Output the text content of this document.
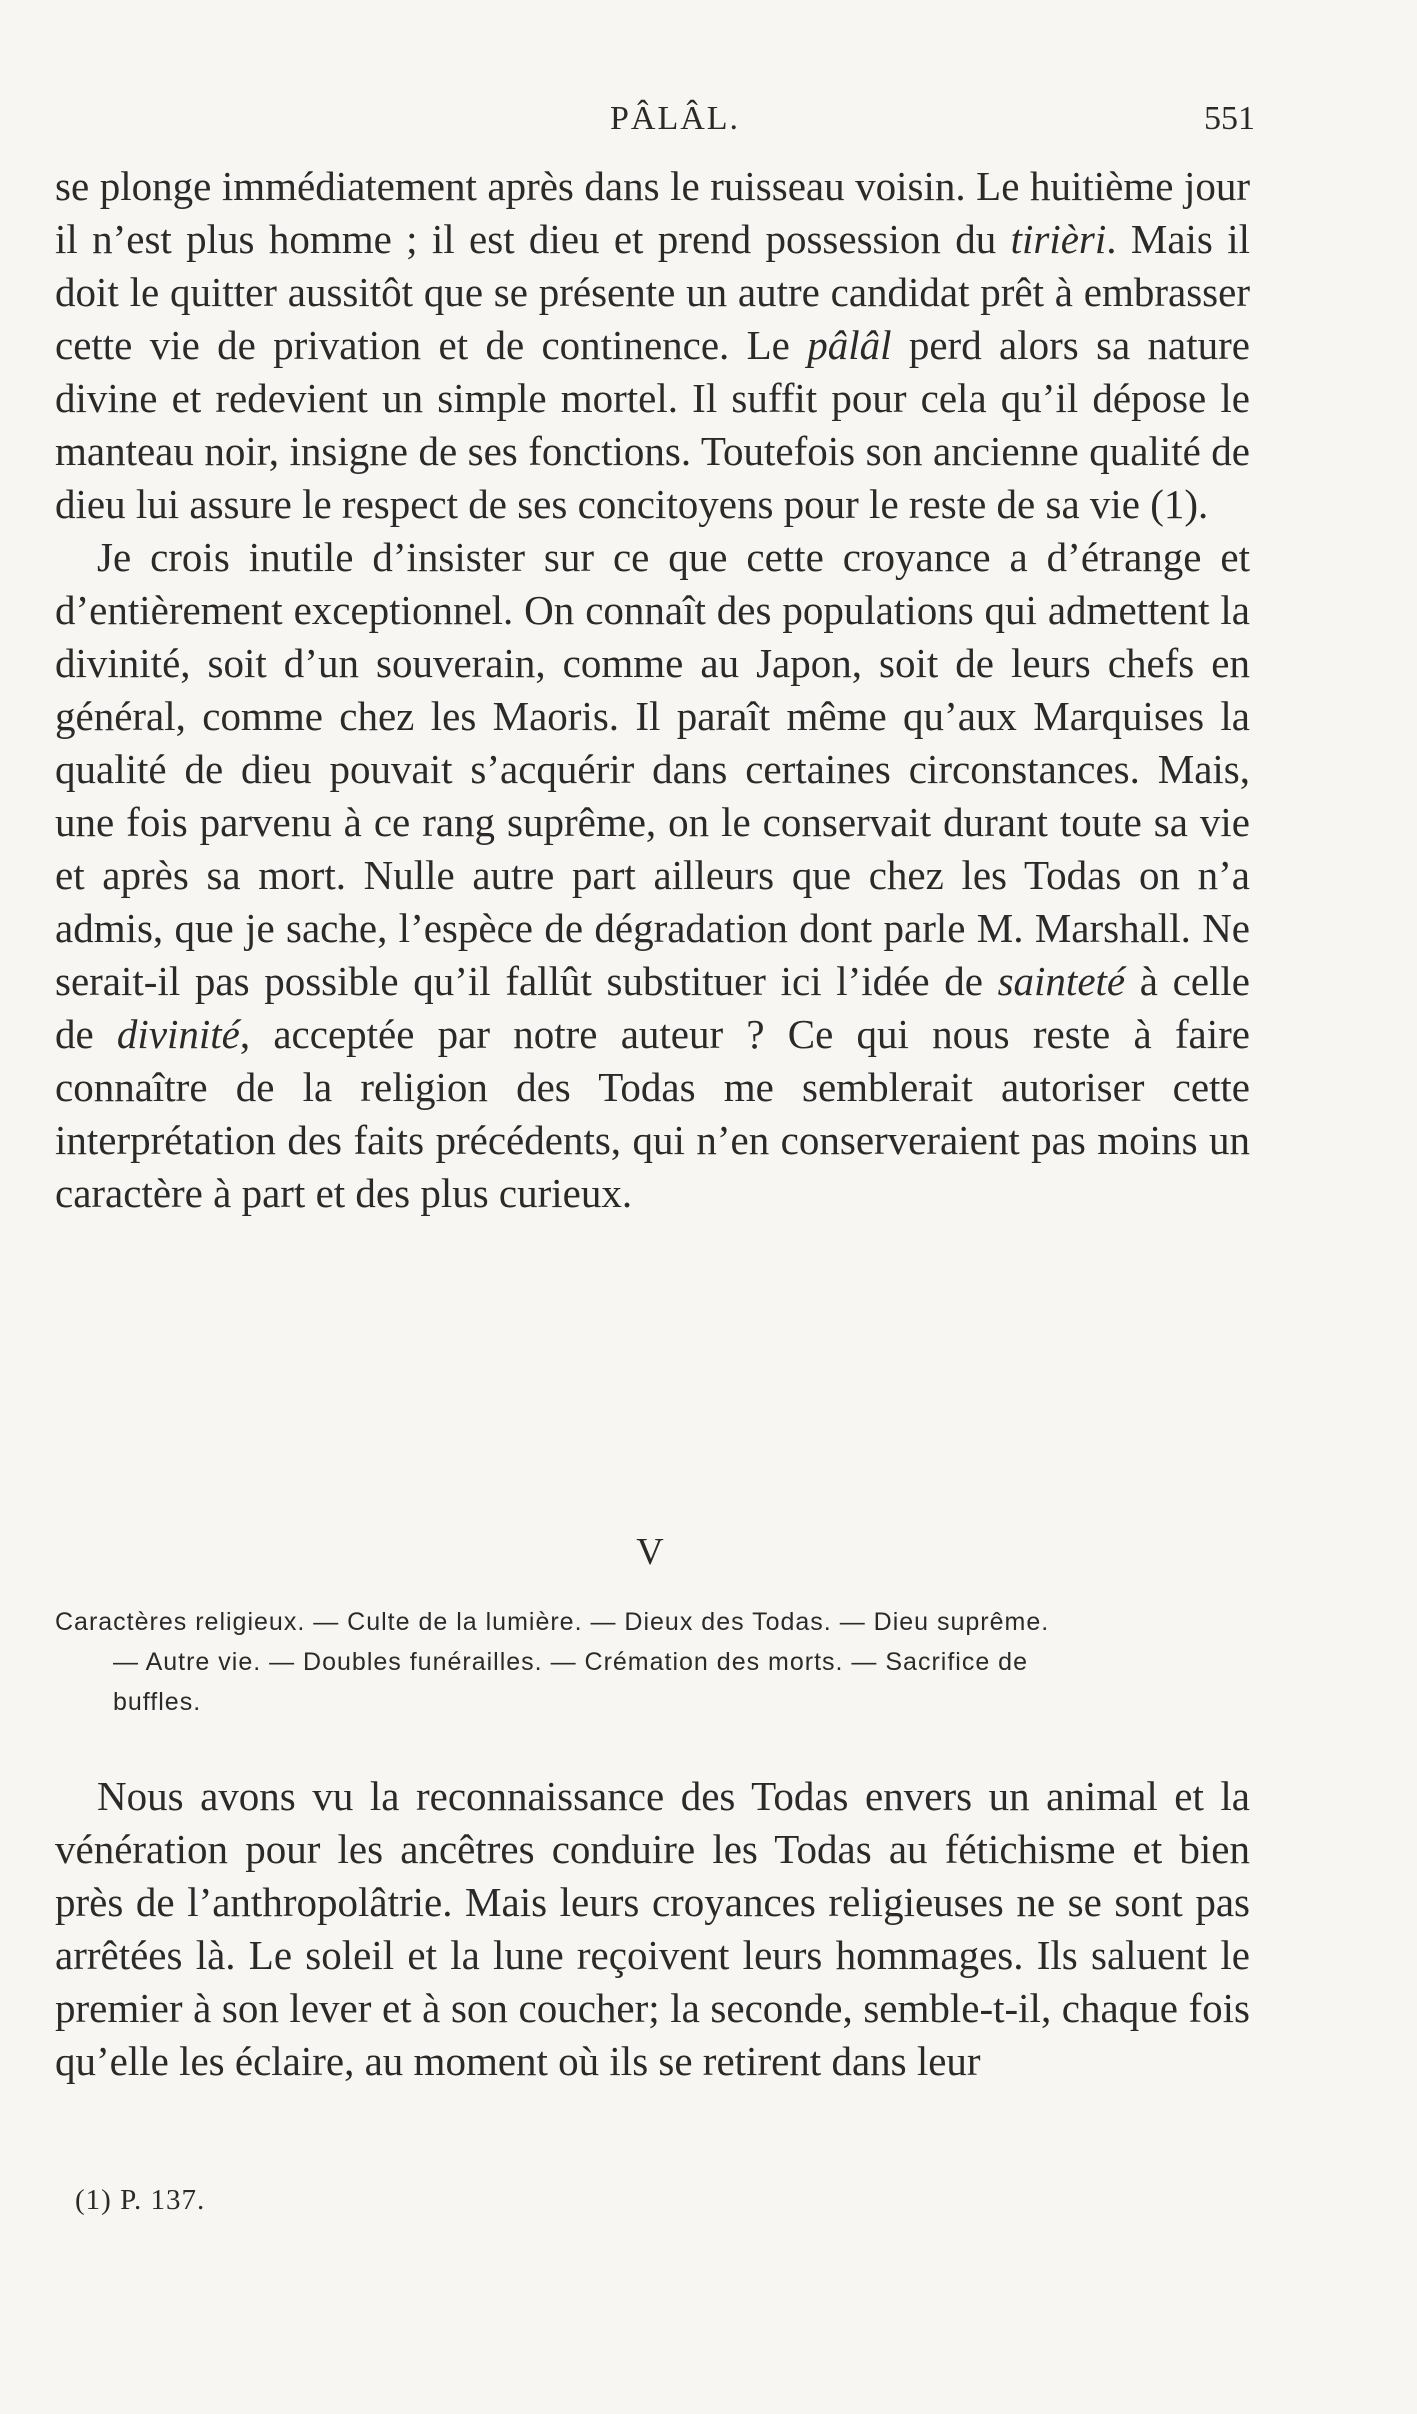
PÂLÂL.	551

se plonge immédiatement après dans le ruisseau voisin. Le huitième jour il n’est plus homme ; il est dieu et prend possession du tirièri. Mais il doit le quitter aussitôt que se présente un autre candidat prêt à embrasser cette vie de privation et de continence. Le pâlâl perd alors sa nature divine et redevient un simple mortel. Il suffit pour cela qu’il dépose le manteau noir, insigne de ses fonctions. Toutefois son ancienne qualité de dieu lui assure le respect de ses concitoyens pour le reste de sa vie (1).

Je crois inutile d’insister sur ce que cette croyance a d’étrange et d’entièrement exceptionnel. On connaît des populations qui admettent la divinité, soit d’un souverain, comme au Japon, soit de leurs chefs en général, comme chez les Maoris. Il paraît même qu’aux Marquises la qualité de dieu pouvait s’acquérir dans certaines circonstances. Mais, une fois parvenu à ce rang suprême, on le conservait durant toute sa vie et après sa mort. Nulle autre part ailleurs que chez les Todas on n’a admis, que je sache, l’espèce de dégradation dont parle M. Marshall. Ne serait-il pas possible qu’il fallût substituer ici l’idée de sainteté à celle de divinité, acceptée par notre auteur ? Ce qui nous reste à faire connaître de la religion des Todas me semblerait autoriser cette interprétation des faits précédents, qui n’en conserveraient pas moins un caractère à part et des plus curieux.

V
Caractères religieux. — Culte de la lumière. — Dieux des Todas. — Dieu suprême.
— Autre vie. — Doubles funérailles. — Crémation des morts. — Sacrifice de
buffles.

Nous avons vu la reconnaissance des Todas envers un animal et la vénération pour les ancêtres conduire les Todas au fétichisme et bien près de l’anthropolâtrie. Mais leurs croyances religieuses ne se sont pas arrêtées là. Le soleil et la lune reçoivent leurs hommages. Ils saluent le premier à son lever et à son coucher; la seconde, semble-t-il, chaque fois qu’elle les éclaire, au moment où ils se retirent dans leur

(1) P. 137.
